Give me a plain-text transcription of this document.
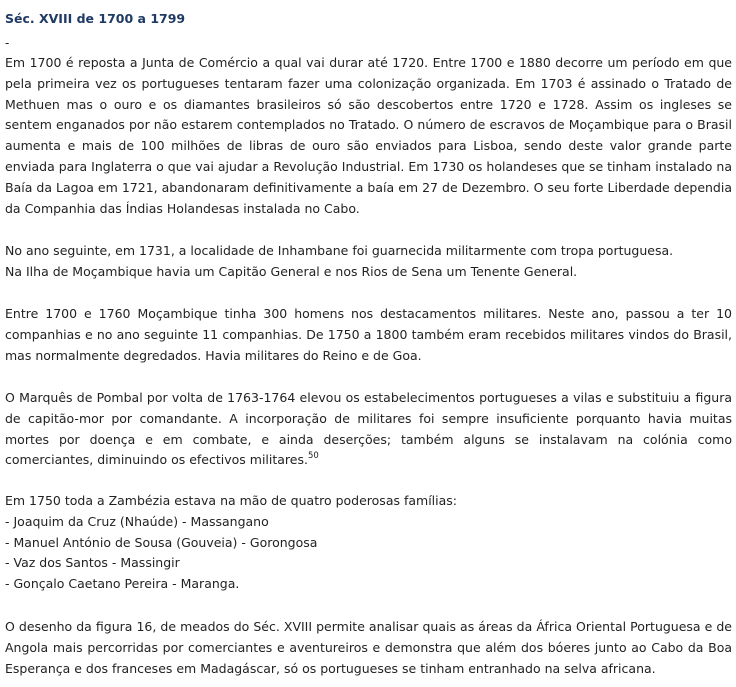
Séc. XVIII de 1700 a 1799
-

Em 1700 é reposta a Junta de Comércio a qual vai durar até 1720. Entre 1700 e 1880 decorre um período em que pela primeira vez os portugueses tentaram fazer uma colonização organizada. Em 1703 é assinado o Tratado de Methuen mas o ouro e os diamantes brasileiros só são descobertos entre 1720 e 1728. Assim os ingleses se sentem enganados por não estarem contemplados no Tratado. O número de escravos de Moçambique para o Brasil aumenta e mais de 100 milhões de libras de ouro são enviados para Lisboa, sendo deste valor grande parte enviada para Inglaterra o que vai ajudar a Revolução Industrial. Em 1730 os holandeses que se tinham instalado na Baía da Lagoa em 1721, abandonaram definitivamente a baía em 27 de Dezembro. O seu forte Liberdade dependia da Companhia das Índias Holandesas instalada no Cabo.

No ano seguinte, em 1731, a localidade de Inhambane foi guarnecida militarmente com tropa portuguesa.
Na Ilha de Moçambique havia um Capitão General e nos Rios de Sena um Tenente General.

Entre 1700 e 1760 Moçambique tinha 300 homens nos destacamentos militares. Neste ano, passou a ter 10 companhias e no ano seguinte 11 companhias. De 1750 a 1800 também eram recebidos militares vindos do Brasil, mas normalmente degredados. Havia militares do Reino e de Goa.

O Marquês de Pombal por volta de 1763-1764 elevou os estabelecimentos portugueses a vilas e substituiu a figura de capitão-mor por comandante. A incorporação de militares foi sempre insuficiente porquanto havia muitas mortes por doença e em combate, e ainda deserções; também alguns se instalavam na colónia como comerciantes, diminuindo os efectivos militares.$^{50}$

Em 1750 toda a Zambézia estava na mão de quatro poderosas famílias:
- Joaquim da Cruz (Nhaúde) - Massangano
- Manuel António de Sousa (Gouveia) - Gorongosa
- Vaz dos Santos - Massingir
- Gonçalo Caetano Pereira - Maranga.

O desenho da figura 16, de meados do Séc. XVIII permite analisar quais as áreas da África Oriental Portuguesa e de Angola mais percorridas por comerciantes e aventureiros e demonstra que além dos bóeres junto ao Cabo da Boa Esperança e dos franceses em Madagáscar, só os portugueses se tinham entranhado na selva africana.
